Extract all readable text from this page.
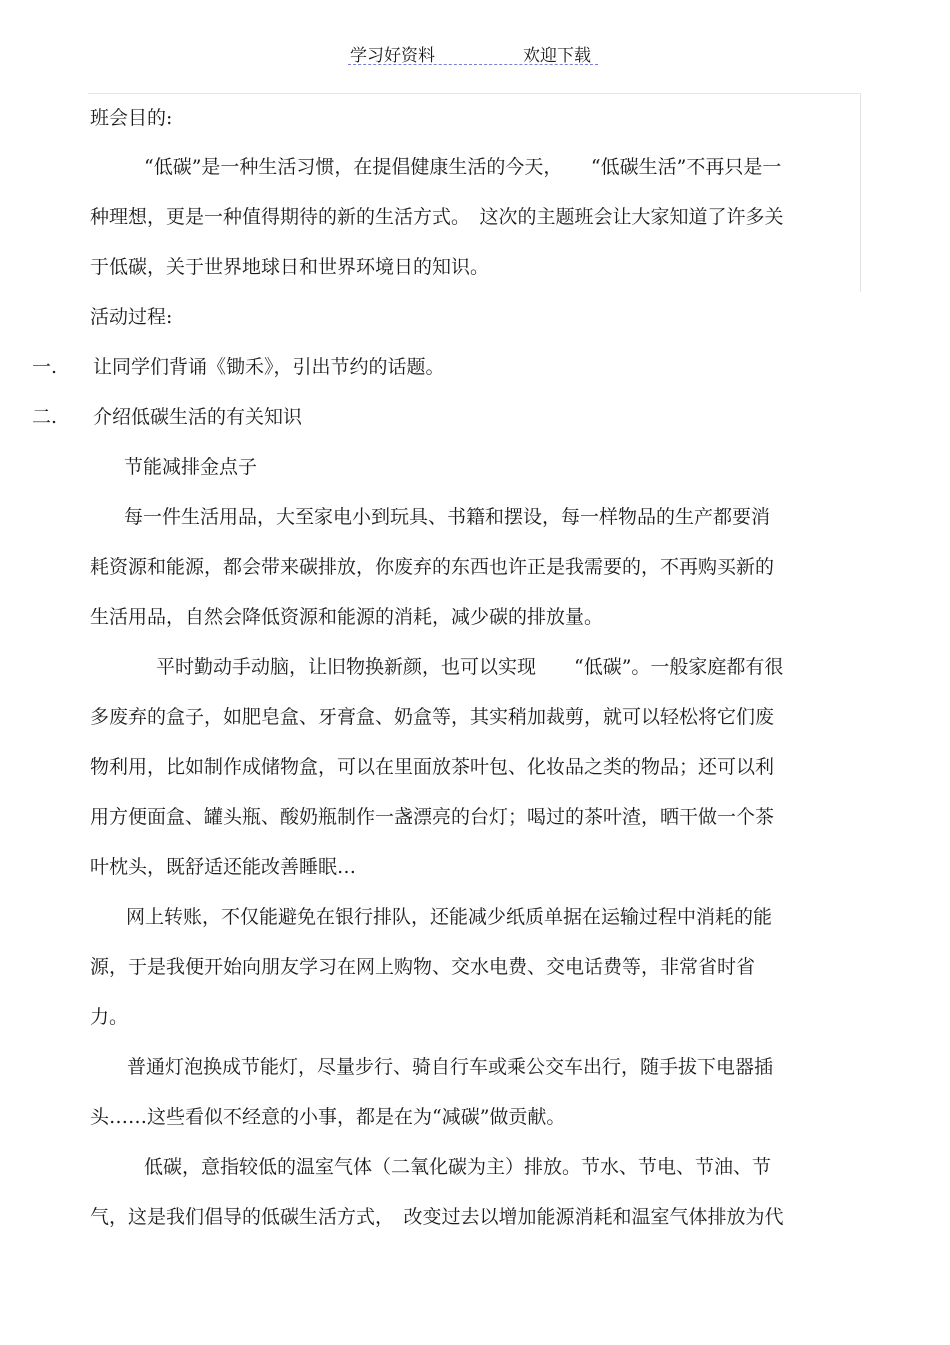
学习好资料	欢迎下载
班会目的:
“低碳”是一种生活习惯，在提倡健康生活的今天，　　“低碳生活”不再只是一
种理想，更是一种值得期待的新的生活方式。　这次的主题班会让大家知道了许多关
于低碳，关于世界地球日和世界环境日的知识。
活动过程:
一. 让同学们背诵《锄禾》，引出节约的话题。
二. 介绍低碳生活的有关知识
节能减排金点子
每一件生活用品，大至家电小到玩具、书籍和摆设，每一样物品的生产都要消
耗资源和能源，都会带来碳排放，你废弃的东西也许正是我需要的，不再购买新的
生活用品，自然会降低资源和能源的消耗，减少碳的排放量。
平时勤动手动脑，让旧物换新颜，也可以实现　　“低碳”。一般家庭都有很
多废弃的盒子，如肥皂盒、牙膏盒、奶盒等，其实稍加裁剪，就可以轻松将它们废
物利用，比如制作成储物盒，可以在里面放茶叶包、化妆品之类的物品；还可以利
用方便面盒、罐头瓶、酸奶瓶制作一盏漂亮的台灯；喝过的茶叶渣，晒干做一个茶
叶枕头，既舒适还能改善睡眠…
网上转账，不仅能避免在银行排队，还能减少纸质单据在运输过程中消耗的能
源，于是我便开始向朋友学习在网上购物、交水电费、交电话费等，非常省时省
力。
普通灯泡换成节能灯，尽量步行、骑自行车或乘公交车出行，随手拔下电器插
头……这些看似不经意的小事，都是在为“减碳”做贡献。
低碳，意指较低的温室气体（二氧化碳为主）排放。节水、节电、节油、节
气，这是我们倡导的低碳生活方式，　改变过去以增加能源消耗和温室气体排放为代
